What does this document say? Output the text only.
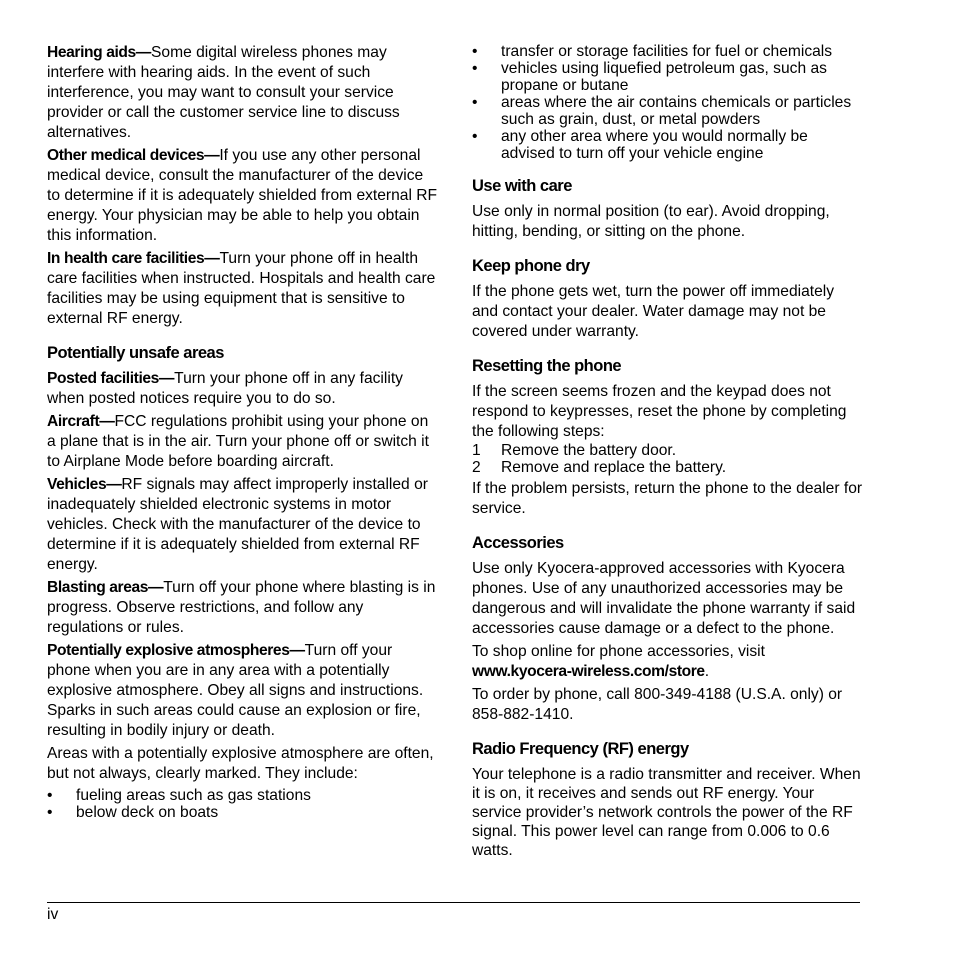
Hearing aids—Some digital wireless phones may interfere with hearing aids. In the event of such interference, you may want to consult your service provider or call the customer service line to discuss alternatives.

Other medical devices—If you use any other personal medical device, consult the manufacturer of the device to determine if it is adequately shielded from external RF energy. Your physician may be able to help you obtain this information.

In health care facilities—Turn your phone off in health care facilities when instructed. Hospitals and health care facilities may be using equipment that is sensitive to external RF energy.

Potentially unsafe areas

Posted facilities—Turn your phone off in any facility when posted notices require you to do so.

Aircraft—FCC regulations prohibit using your phone on a plane that is in the air. Turn your phone off or switch it to Airplane Mode before boarding aircraft.

Vehicles—RF signals may affect improperly installed or inadequately shielded electronic systems in motor vehicles. Check with the manufacturer of the device to determine if it is adequately shielded from external RF energy.

Blasting areas—Turn off your phone where blasting is in progress. Observe restrictions, and follow any regulations or rules.

Potentially explosive atmospheres—Turn off your phone when you are in any area with a potentially explosive atmosphere. Obey all signs and instructions. Sparks in such areas could cause an explosion or fire, resulting in bodily injury or death.

Areas with a potentially explosive atmosphere are often, but not always, clearly marked. They include:

• fueling areas such as gas stations
• below deck on boats
• transfer or storage facilities for fuel or chemicals
• vehicles using liquefied petroleum gas, such as propane or butane
• areas where the air contains chemicals or particles such as grain, dust, or metal powders
• any other area where you would normally be advised to turn off your vehicle engine
Use with care

Use only in normal position (to ear). Avoid dropping, hitting, bending, or sitting on the phone.

Keep phone dry

If the phone gets wet, turn the power off immediately and contact your dealer. Water damage may not be covered under warranty.

Resetting the phone

If the screen seems frozen and the keypad does not respond to keypresses, reset the phone by completing the following steps:

1 Remove the battery door.
2 Remove and replace the battery.

If the problem persists, return the phone to the dealer for service.

Accessories

Use only Kyocera-approved accessories with Kyocera phones. Use of any unauthorized accessories may be dangerous and will invalidate the phone warranty if said accessories cause damage or a defect to the phone.

To shop online for phone accessories, visit
www.kyocera-wireless.com/store.

To order by phone, call 800-349-4188 (U.S.A. only) or 858-882-1410.

Radio Frequency (RF) energy

Your telephone is a radio transmitter and receiver. When it is on, it receives and sends out RF energy. Your service provider’s network controls the power of the RF signal. This power level can range from 0.006 to 0.6 watts.

iv
